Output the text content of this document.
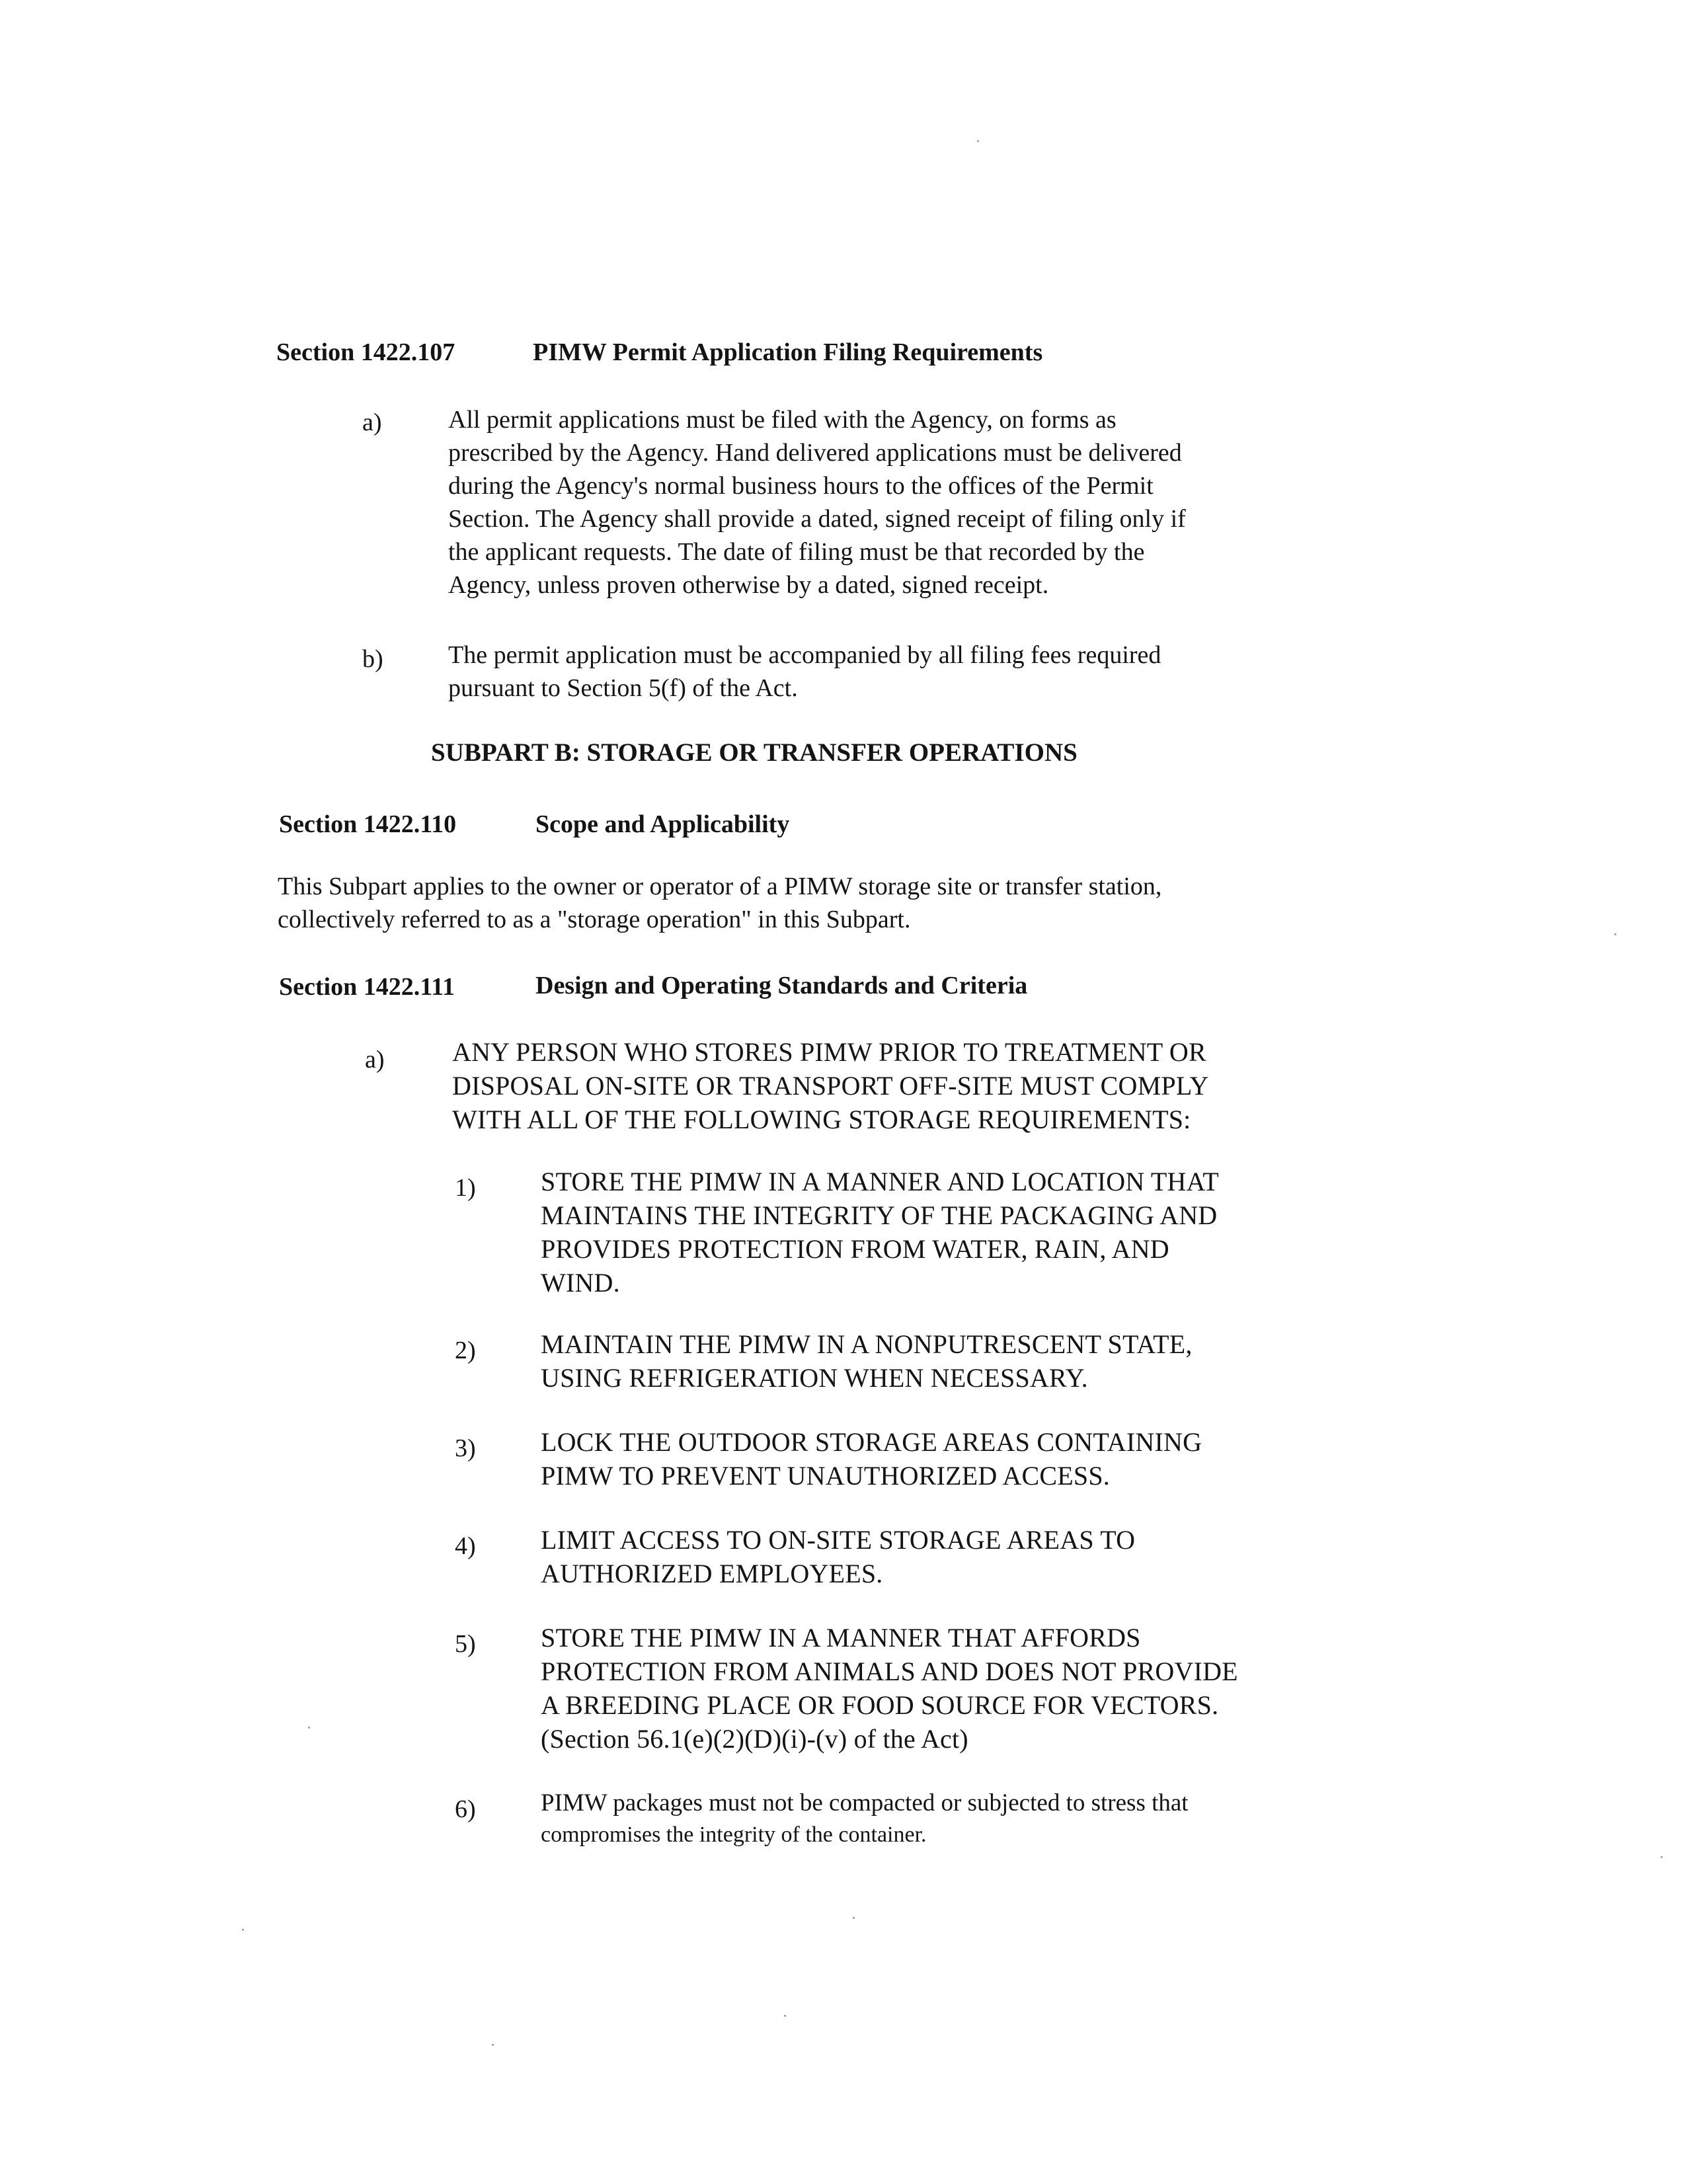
Section 1422.107	PIMW Permit Application Filing Requirements
a)	All permit applications must be filed with the Agency, on forms as
prescribed by the Agency. Hand delivered applications must be delivered
during the Agency's normal business hours to the offices of the Permit
Section. The Agency shall provide a dated, signed receipt of filing only if
the applicant requests. The date of filing must be that recorded by the
Agency, unless proven otherwise by a dated, signed receipt.
b)	The permit application must be accompanied by all filing fees required
pursuant to Section 5(f) of the Act.
SUBPART B: STORAGE OR TRANSFER OPERATIONS
Section 1422.110	Scope and Applicability
This Subpart applies to the owner or operator of a PIMW storage site or transfer station,
collectively referred to as a "storage operation" in this Subpart.
Section 1422.111	Design and Operating Standards and Criteria
a)	ANY PERSON WHO STORES PIMW PRIOR TO TREATMENT OR
DISPOSAL ON-SITE OR TRANSPORT OFF-SITE MUST COMPLY
WITH ALL OF THE FOLLOWING STORAGE REQUIREMENTS:
1) STORE THE PIMW IN A MANNER AND LOCATION THAT
MAINTAINS THE INTEGRITY OF THE PACKAGING AND
PROVIDES PROTECTION FROM WATER, RAIN, AND
WIND.
2) MAINTAIN THE PIMW IN A NONPUTRESCENT STATE,
USING REFRIGERATION WHEN NECESSARY.
3) LOCK THE OUTDOOR STORAGE AREAS CONTAINING
PIMW TO PREVENT UNAUTHORIZED ACCESS.
4) LIMIT ACCESS TO ON-SITE STORAGE AREAS TO
AUTHORIZED EMPLOYEES.
5) STORE THE PIMW IN A MANNER THAT AFFORDS
PROTECTION FROM ANIMALS AND DOES NOT PROVIDE
A BREEDING PLACE OR FOOD SOURCE FOR VECTORS.
(Section 56.1(e)(2)(D)(i)-(v) of the Act)
6)	PIMW packages must not be compacted or subjected to stress that
compromises the integrity of the container.
